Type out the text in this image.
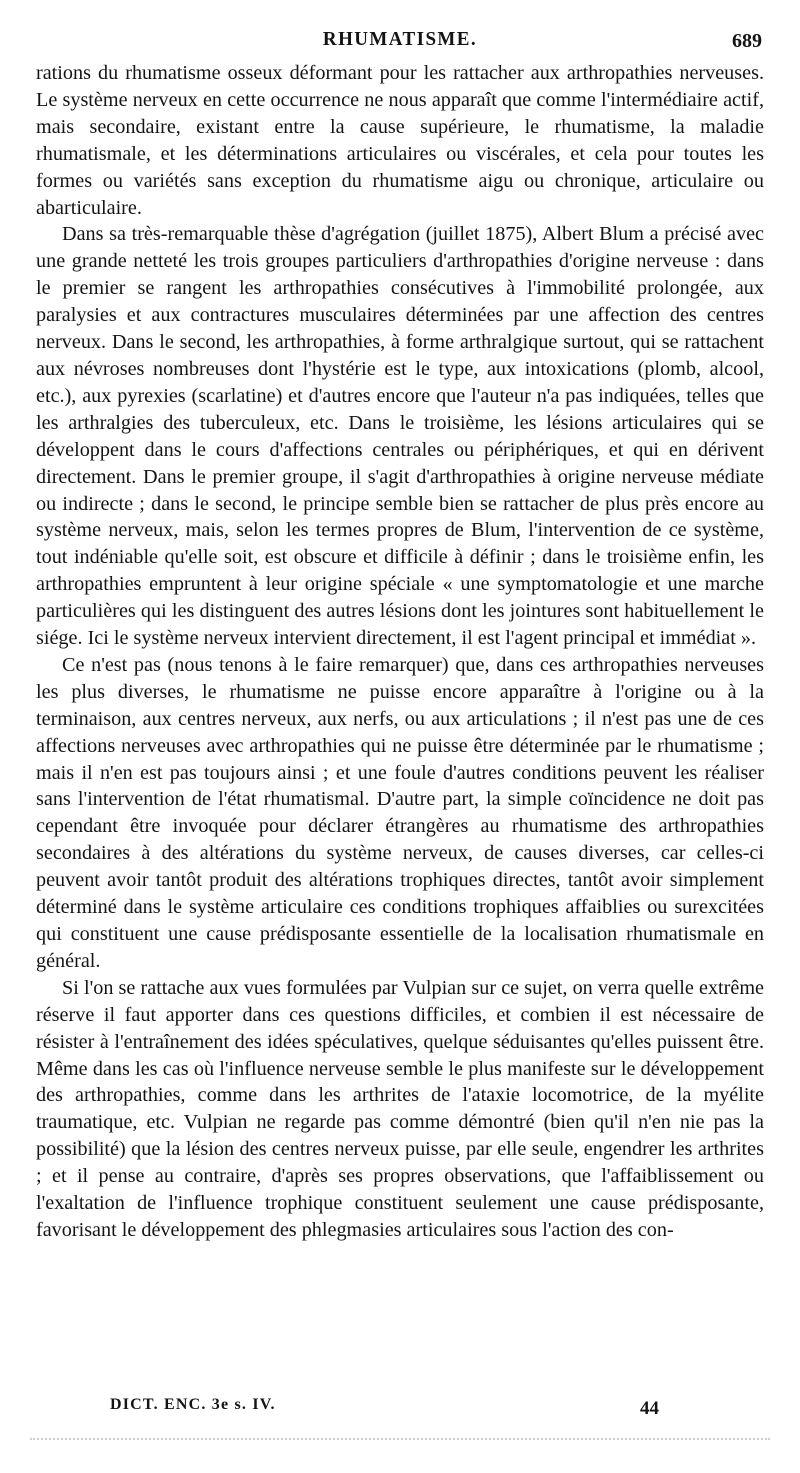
RHUMATISME.	689

rations du rhumatisme osseux déformant pour les rattacher aux arthropathies nerveuses. Le système nerveux en cette occurrence ne nous apparaît que comme l'intermédiaire actif, mais secondaire, existant entre la cause supérieure, le rhumatisme, la maladie rhumatismale, et les déterminations articulaires ou viscérales, et cela pour toutes les formes ou variétés sans exception du rhumatisme aigu ou chronique, articulaire ou abarticulaire.

Dans sa très-remarquable thèse d'agrégation (juillet 1875), Albert Blum a précisé avec une grande netteté les trois groupes particuliers d'arthropathies d'origine nerveuse : dans le premier se rangent les arthropathies consécutives à l'immobilité prolongée, aux paralysies et aux contractures musculaires déterminées par une affection des centres nerveux. Dans le second, les arthropathies, à forme arthralgique surtout, qui se rattachent aux névroses nombreuses dont l'hystérie est le type, aux intoxications (plomb, alcool, etc.), aux pyrexies (scarlatine) et d'autres encore que l'auteur n'a pas indiquées, telles que les arthralgies des tuberculeux, etc. Dans le troisième, les lésions articulaires qui se développent dans le cours d'affections centrales ou périphériques, et qui en dérivent directement. Dans le premier groupe, il s'agit d'arthropathies à origine nerveuse médiate ou indirecte ; dans le second, le principe semble bien se rattacher de plus près encore au système nerveux, mais, selon les termes propres de Blum, l'intervention de ce système, tout indéniable qu'elle soit, est obscure et difficile à définir ; dans le troisième enfin, les arthropathies empruntent à leur origine spéciale « une symptomatologie et une marche particulières qui les distinguent des autres lésions dont les jointures sont habituellement le siége. Ici le système nerveux intervient directement, il est l'agent principal et immédiat ».

Ce n'est pas (nous tenons à le faire remarquer) que, dans ces arthropathies nerveuses les plus diverses, le rhumatisme ne puisse encore apparaître à l'origine ou à la terminaison, aux centres nerveux, aux nerfs, ou aux articulations ; il n'est pas une de ces affections nerveuses avec arthropathies qui ne puisse être déterminée par le rhumatisme ; mais il n'en est pas toujours ainsi ; et une foule d'autres conditions peuvent les réaliser sans l'intervention de l'état rhumatismal. D'autre part, la simple coïncidence ne doit pas cependant être invoquée pour déclarer étrangères au rhumatisme des arthropathies secondaires à des altérations du système nerveux, de causes diverses, car celles-ci peuvent avoir tantôt produit des altérations trophiques directes, tantôt avoir simplement déterminé dans le système articulaire ces conditions trophiques affaiblies ou surexcitées qui constituent une cause prédisposante essentielle de la localisation rhumatismale en général.

Si l'on se rattache aux vues formulées par Vulpian sur ce sujet, on verra quelle extrême réserve il faut apporter dans ces questions difficiles, et combien il est nécessaire de résister à l'entraînement des idées spéculatives, quelque séduisantes qu'elles puissent être. Même dans les cas où l'influence nerveuse semble le plus manifeste sur le développement des arthropathies, comme dans les arthrites de l'ataxie locomotrice, de la myélite traumatique, etc. Vulpian ne regarde pas comme démontré (bien qu'il n'en nie pas la possibilité) que la lésion des centres nerveux puisse, par elle seule, engendrer les arthrites ; et il pense au contraire, d'après ses propres observations, que l'affaiblissement ou l'exaltation de l'influence trophique constituent seulement une cause prédisposante, favorisant le développement des phlegmasies articulaires sous l'action des con-

DICT. ENC. 3e s. IV.	44
